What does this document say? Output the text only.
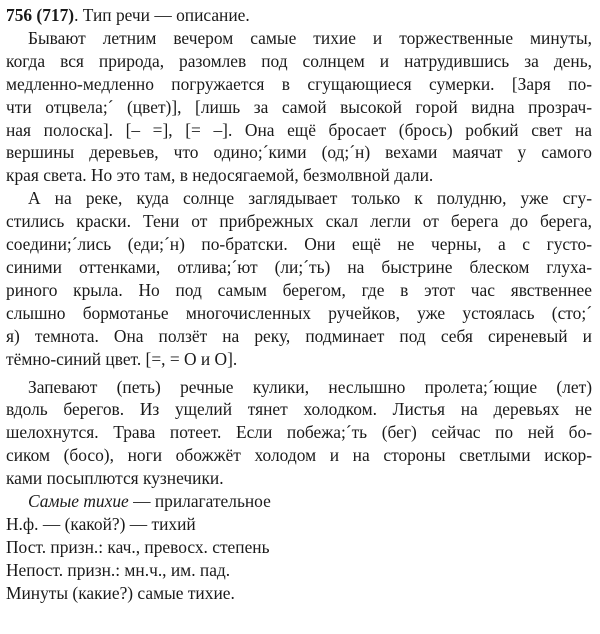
756 (717). Тип речи — описание.
Бывают летним вечером самые тихие и торжественные минуты,
когда вся природа, разомлев под солнцем и натрудившись за день,
медленно-медленно погружается в сгущающиеся сумерки. [Заря по-
чти отцвела;´ (цвет)], [лишь за самой высокой горой видна прозрач-
ная полоска]. [– =], [= –]. Она ещё бросает (брось) робкий свет на
вершины деревьев, что одино;´кими (од;´н) вехами маячат у самого
края света. Но это там, в недосягаемой, безмолвной дали.
А на реке, куда солнце заглядывает только к полудню, уже сгу-
стились краски. Тени от прибрежных скал легли от берега до берега,
соедини;´лись (еди;´н) по-братски. Они ещё не черны, а с густо-
синими оттенками, отлива;´ют (ли;´ть) на быстрине блеском глуха-
риного крыла. Но под самым берегом, где в этот час явственнее
слышно бормотанье многочисленных ручейков, уже устоялась (сто;´
я) темнота. Она ползёт на реку, подминает под себя сиреневый и
тёмно-синий цвет. [=, = О и О].
Запевают (петь) речные кулики, неслышно пролета;´ющие (лет)
вдоль берегов. Из ущелий тянет холодком. Листья на деревьях не
шелохнутся. Трава потеет. Если побежа;´ть (бег) сейчас по ней бо-
сиком (босо), ноги обожжёт холодом и на стороны светлыми искор-
ками посыплются кузнечики.
Самые тихие — прилагательное
Н.ф. — (какой?) — тихий
Пост. призн.: кач., превосх. степень
Непост. призн.: мн.ч., им. пад.
Минуты (какие?) самые тихие.
